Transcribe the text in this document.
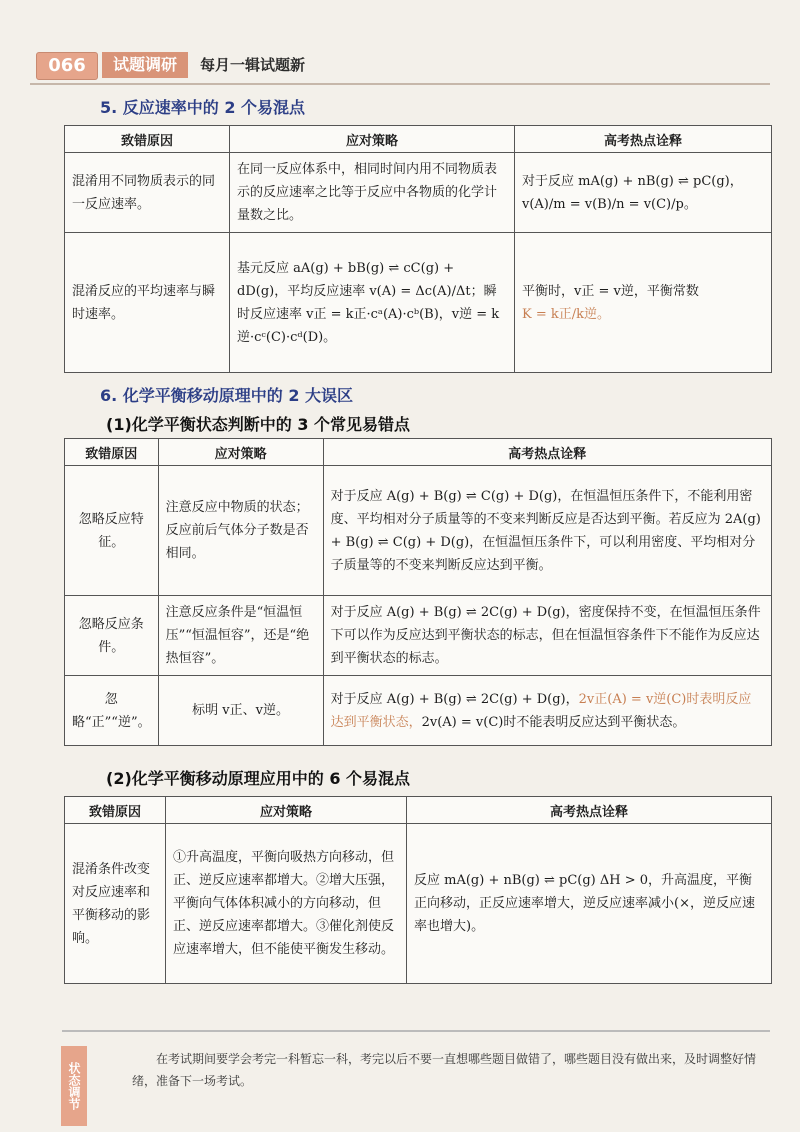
066	试题调研	每月一辑试题新
5. 反应速率中的 2 个易混点
致错原因	应对策略	高考热点诠释
混淆用不同物质表示的同一反应速率。	在同一反应体系中，相同时间内用不同物质表示的反应速率之比等于反应中各物质的化学计量数之比。	对于反应 mA(g) + nB(g) ⇌ pC(g)，v(A)/m = v(B)/n = v(C)/p。
混淆反应的平均速率与瞬时速率。	基元反应 aA(g) + bB(g) ⇌ cC(g) + dD(g)，平均反应速率 v(A) = Δc(A)/Δt；瞬时反应速率 v正 = k正·cᵃ(A)·cᵇ(B)，v逆 = k逆·cᶜ(C)·cᵈ(D)。	平衡时，v正 = v逆，平衡常数
K = k正/k逆。
6. 化学平衡移动原理中的 2 大误区
(1)化学平衡状态判断中的 3 个常见易错点
致错原因	应对策略	高考热点诠释
忽略反应特征。	注意反应中物质的状态；反应前后气体分子数是否相同。	对于反应 A(g) + B(g) ⇌ C(g) + D(g)，在恒温恒压条件下，不能利用密度、平均相对分子质量等的不变来判断反应是否达到平衡。若反应为 2A(g) + B(g) ⇌ C(g) + D(g)，在恒温恒压条件下，可以利用密度、平均相对分子质量等的不变来判断反应达到平衡。
忽略反应条件。	注意反应条件是“恒温恒压”“恒温恒容”，还是“绝热恒容”。	对于反应 A(g) + B(g) ⇌ 2C(g) + D(g)，密度保持不变，在恒温恒压条件下可以作为反应达到平衡状态的标志，但在恒温恒容条件下不能作为反应达到平衡状态的标志。
忽略“正”“逆”。	标明 v正、v逆。	对于反应 A(g) + B(g) ⇌ 2C(g) + D(g)，2v正(A) = v逆(C)时表明反应达到平衡状态，2v(A) = v(C)时不能表明反应达到平衡状态。
(2)化学平衡移动原理应用中的 6 个易混点
致错原因	应对策略	高考热点诠释
混淆条件改变对反应速率和平衡移动的影响。	①升高温度，平衡向吸热方向移动，但正、逆反应速率都增大。②增大压强，平衡向气体体积减小的方向移动，但正、逆反应速率都增大。③催化剂使反应速率增大，但不能使平衡发生移动。	反应 mA(g) + nB(g) ⇌ pC(g) ΔH > 0，升高温度，平衡正向移动，正反应速率增大，逆反应速率减小(×，逆反应速率也增大)。
状态调节
在考试期间要学会考完一科暂忘一科，考完以后不要一直想哪些题目做错了，哪些题目没有做出来，及时调整好情绪，准备下一场考试。
